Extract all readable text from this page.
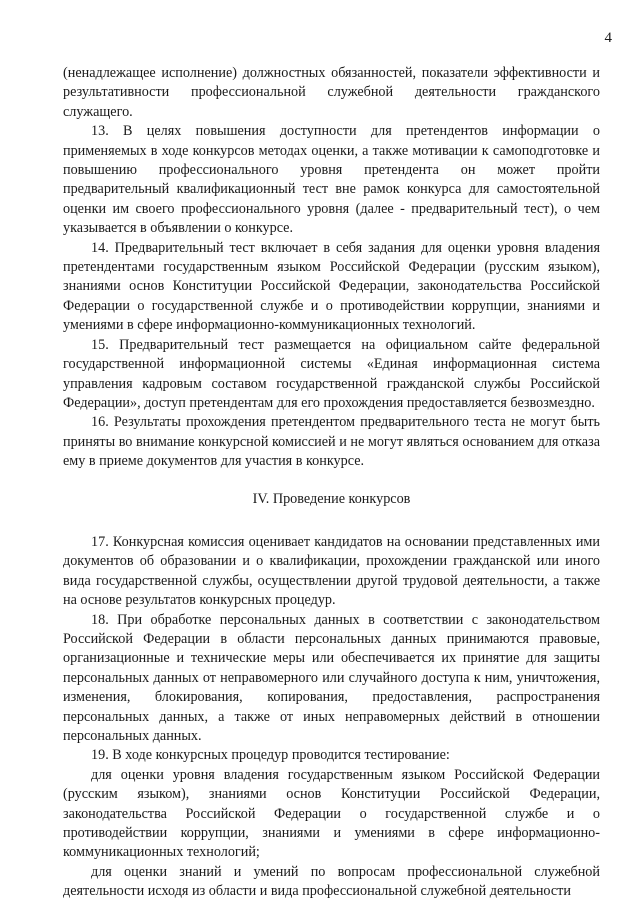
4

(ненадлежащее исполнение) должностных обязанностей, показатели эффективности и результативности профессиональной служебной деятельности гражданского служащего.

13. В целях повышения доступности для претендентов информации о применяемых в ходе конкурсов методах оценки, а также мотивации к самоподготовке и повышению профессионального уровня претендента он может пройти предварительный квалификационный тест вне рамок конкурса для самостоятельной оценки им своего профессионального уровня (далее - предварительный тест), о чем указывается в объявлении о конкурсе.

14. Предварительный тест включает в себя задания для оценки уровня владения претендентами государственным языком Российской Федерации (русским языком), знаниями основ Конституции Российской Федерации, законодательства Российской Федерации о государственной службе и о противодействии коррупции, знаниями и умениями в сфере информационно-коммуникационных технологий.

15. Предварительный тест размещается на официальном сайте федеральной государственной информационной системы «Единая информационная система управления кадровым составом государственной гражданской службы Российской Федерации», доступ претендентам для его прохождения предоставляется безвозмездно.

16. Результаты прохождения претендентом предварительного теста не могут быть приняты во внимание конкурсной комиссией и не могут являться основанием для отказа ему в приеме документов для участия в конкурсе.

IV. Проведение конкурсов

17. Конкурсная комиссия оценивает кандидатов на основании представленных ими документов об образовании и о квалификации, прохождении гражданской или иного вида государственной службы, осуществлении другой трудовой деятельности, а также на основе результатов конкурсных процедур.

18. При обработке персональных данных в соответствии с законодательством Российской Федерации в области персональных данных принимаются правовые, организационные и технические меры или обеспечивается их принятие для защиты персональных данных от неправомерного или случайного доступа к ним, уничтожения, изменения, блокирования, копирования, предоставления, распространения персональных данных, а также от иных неправомерных действий в отношении персональных данных.

19. В ходе конкурсных процедур проводится тестирование:

для оценки уровня владения государственным языком Российской Федерации (русским языком), знаниями основ Конституции Российской Федерации, законодательства Российской Федерации о государственной службе и о противодействии коррупции, знаниями и умениями в сфере информационно-коммуникационных технологий;

для оценки знаний и умений по вопросам профессиональной служебной деятельности исходя из области и вида профессиональной служебной деятельности
